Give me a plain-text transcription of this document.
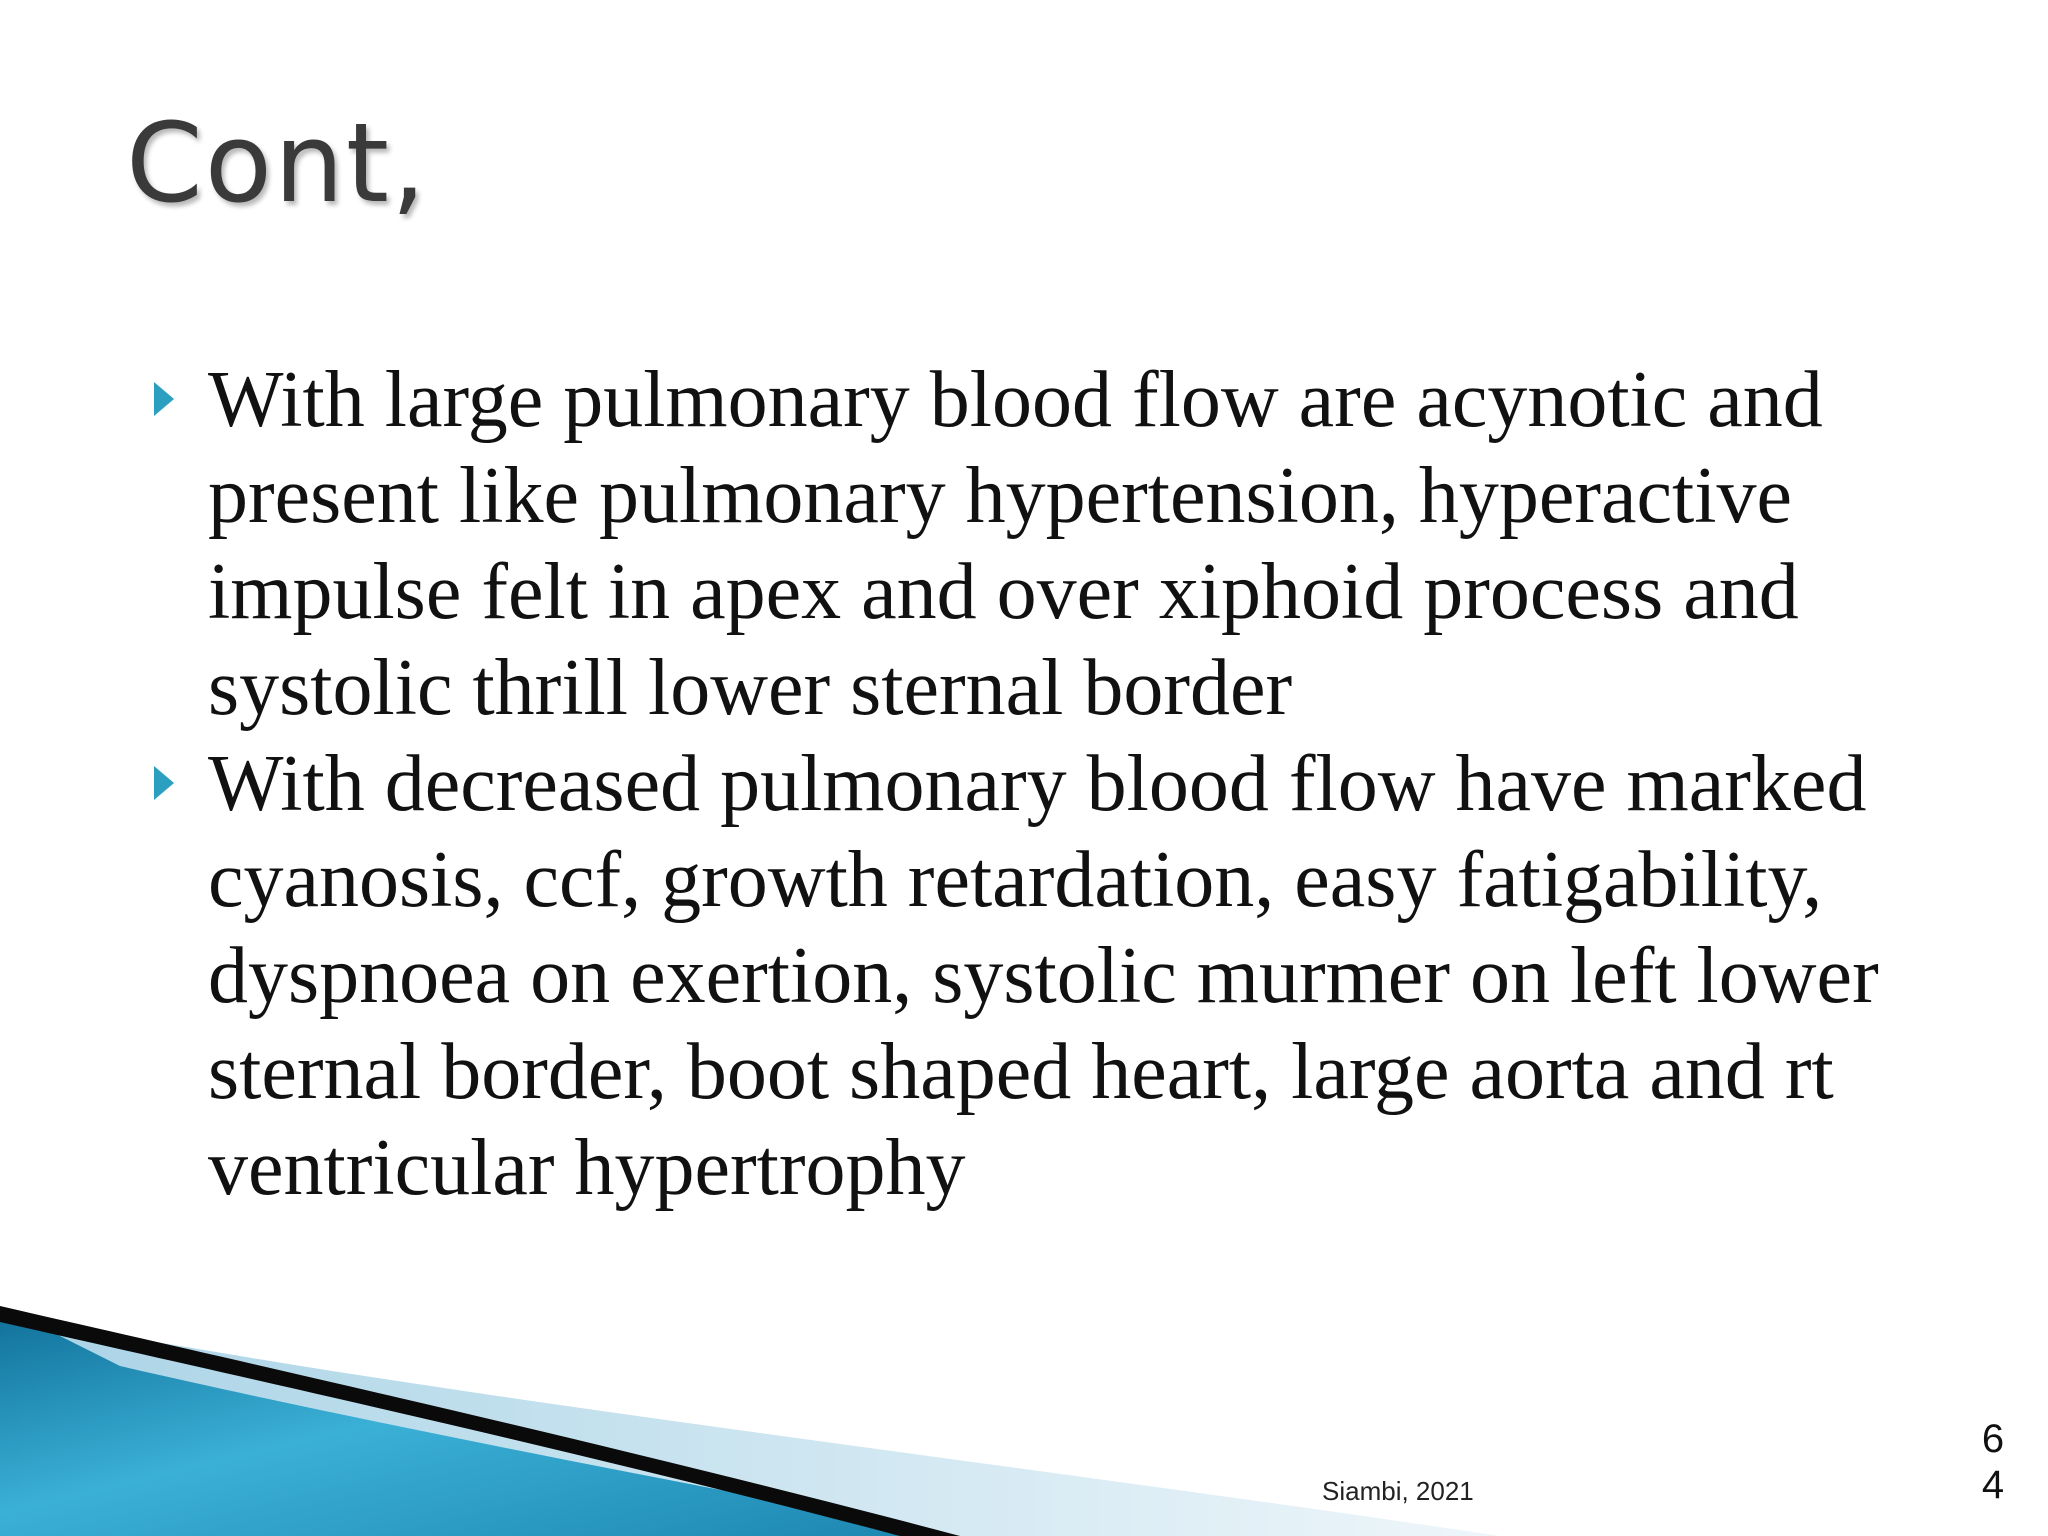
Cont,
With large pulmonary blood flow are acynotic and present like pulmonary hypertension, hyperactive impulse felt in apex and over xiphoid process and systolic thrill lower sternal border
With decreased pulmonary blood flow have marked cyanosis, ccf, growth retardation, easy fatigability, dyspnoea on exertion, systolic murmer on left lower sternal border, boot shaped heart, large aorta and rt ventricular hypertrophy
Siambi, 2021
64
